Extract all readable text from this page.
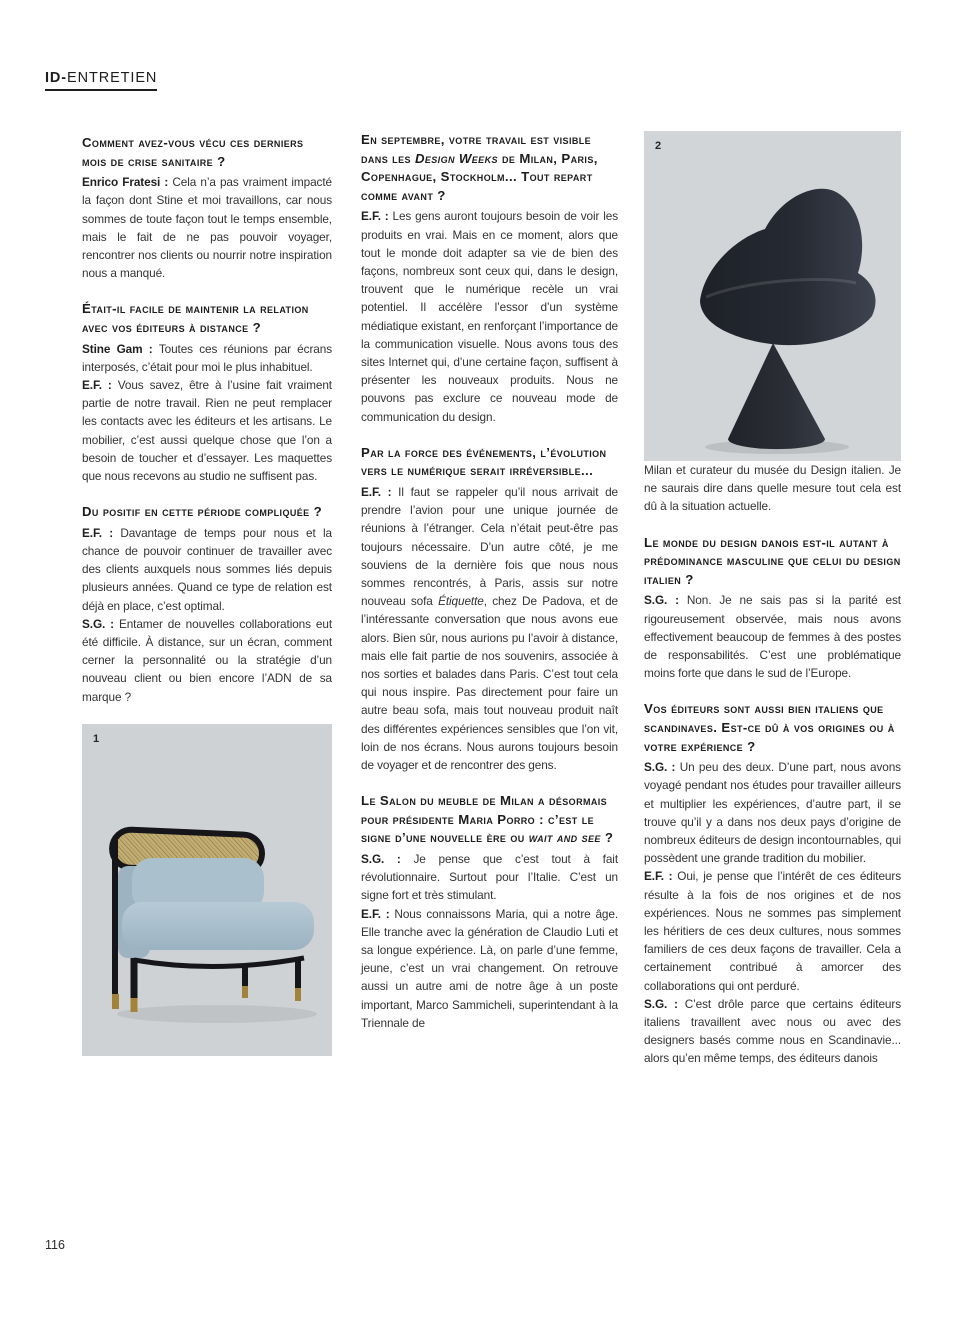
ID-ENTRETIEN
Comment avez-vous vécu ces derniers mois de crise sanitaire ?

Enrico Fratesi : Cela n’a pas vraiment impacté la façon dont Stine et moi travaillons, car nous sommes de toute façon tout le temps ensemble, mais le fait de ne pas pouvoir voyager, rencontrer nos clients ou nourrir notre inspiration nous a manqué.

Était-il facile de maintenir la relation avec vos éditeurs à distance ?

Stine Gam : Toutes ces réunions par écrans interposés, c’était pour moi le plus inhabituel.

E.F. : Vous savez, être à l’usine fait vraiment partie de notre travail. Rien ne peut remplacer les contacts avec les éditeurs et les artisans. Le mobilier, c’est aussi quelque chose que l’on a besoin de toucher et d’essayer. Les maquettes que nous recevons au studio ne suffisent pas.

Du positif en cette période compliquée ?

E.F. : Davantage de temps pour nous et la chance de pouvoir continuer de travailler avec des clients auxquels nous sommes liés depuis plusieurs années. Quand ce type de relation est déjà en place, c’est optimal.

S.G. : Entamer de nouvelles collaborations eut été difficile. À distance, sur un écran, comment cerner la personnalité ou la stratégie d’un nouveau client ou bien encore l’ADN de sa marque ?

1
En septembre, votre travail est visible dans les Design Weeks de Milan, Paris, Copenhague, Stockholm... Tout repart comme avant ?

E.F. : Les gens auront toujours besoin de voir les produits en vrai. Mais en ce moment, alors que tout le monde doit adapter sa vie de bien des façons, nombreux sont ceux qui, dans le design, trouvent que le numérique recèle un vrai potentiel. Il accélère l’essor d’un système médiatique existant, en renforçant l’importance de la communication visuelle. Nous avons tous des sites Internet qui, d’une certaine façon, suffisent à présenter les nouveaux produits. Nous ne pouvons pas exclure ce nouveau mode de communication du design.

Par la force des événements, l’évolution vers le numérique serait irréversible...

E.F. : Il faut se rappeler qu’il nous arrivait de prendre l’avion pour une unique journée de réunions à l’étranger. Cela n’était peut-être pas toujours nécessaire. D’un autre côté, je me souviens de la dernière fois que nous nous sommes rencontrés, à Paris, assis sur notre nouveau sofa Étiquette, chez De Padova, et de l’intéressante conversation que nous avons eue alors. Bien sûr, nous aurions pu l’avoir à distance, mais elle fait partie de nos souvenirs, associée à nos sorties et balades dans Paris. C’est tout cela qui nous inspire. Pas directement pour faire un autre beau sofa, mais tout nouveau produit naît des différentes expériences sensibles que l’on vit, loin de nos écrans. Nous aurons toujours besoin de voyager et de rencontrer des gens.

Le Salon du meuble de Milan a désormais pour présidente Maria Porro : c’est le signe d’une nouvelle ère ou wait and see ?

S.G. : Je pense que c’est tout à fait révolutionnaire. Surtout pour l’Italie. C’est un signe fort et très stimulant.

E.F. : Nous connaissons Maria, qui a notre âge. Elle tranche avec la génération de Claudio Luti et sa longue expérience. Là, on parle d’une femme, jeune, c’est un vrai changement. On retrouve aussi un autre ami de notre âge à un poste important, Marco Sammicheli, superintendant à la Triennale de

2

Milan et curateur du musée du Design italien. Je ne saurais dire dans quelle mesure tout cela est dû à la situation actuelle.

Le monde du design danois est-il autant à prédominance masculine que celui du design italien ?

S.G. : Non. Je ne sais pas si la parité est rigoureusement observée, mais nous avons effectivement beaucoup de femmes à des postes de responsabilités. C’est une problématique moins forte que dans le sud de l’Europe.

Vos éditeurs sont aussi bien italiens que scandinaves. Est-ce dû à vos origines ou à votre expérience ?

S.G. : Un peu des deux. D’une part, nous avons voyagé pendant nos études pour travailler ailleurs et multiplier les expériences, d’autre part, il se trouve qu’il y a dans nos deux pays d’origine de nombreux éditeurs de design incontournables, qui possèdent une grande tradition du mobilier.

E.F. : Oui, je pense que l’intérêt de ces éditeurs résulte à la fois de nos origines et de nos expériences. Nous ne sommes pas simplement les héritiers de ces deux cultures, nous sommes familiers de ces deux façons de travailler. Cela a certainement contribué à amorcer des collaborations qui ont perduré.

S.G. : C’est drôle parce que certains éditeurs italiens travaillent avec nous ou avec des designers basés comme nous en Scandinavie... alors qu’en même temps, des éditeurs danois

116
